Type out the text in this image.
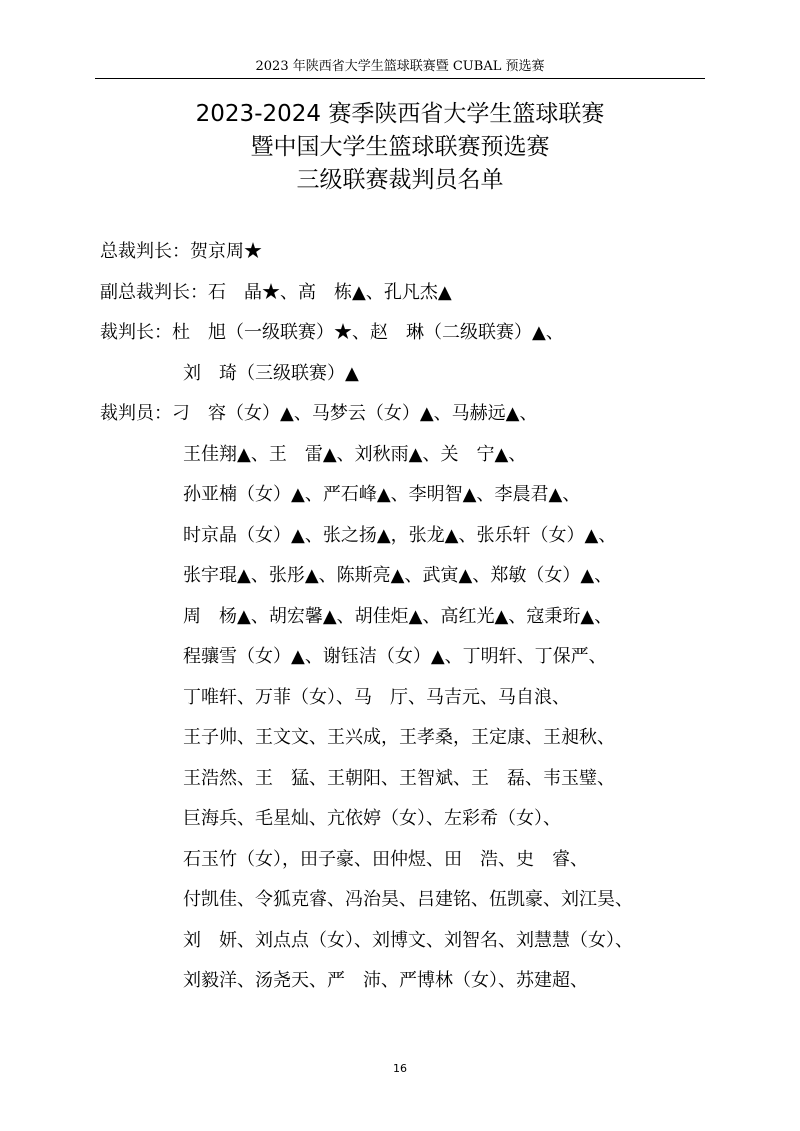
2023 年陕西省大学生篮球联赛暨 CUBAL 预选赛
2023-2024 赛季陕西省大学生篮球联赛
暨中国大学生篮球联赛预选赛
三级联赛裁判员名单
总裁判长： 贺京周★
副总裁判长： 石　晶★、高　栋▲、孔凡杰▲
裁判长： 杜　旭（一级联赛）★、赵　琳（二级联赛）▲、
刘　琦（三级联赛）▲
裁判员： 刁　容（女）▲、马梦云（女）▲、马赫远▲、
王佳翔▲、王　雷▲、刘秋雨▲、关　宁▲、
孙亚楠（女）▲、严石峰▲、李明智▲、李晨君▲、
时京晶（女）▲、张之扬▲，张龙▲、张乐轩（女）▲、
张宇琨▲、张彤▲、陈斯亮▲、武寅▲、郑敏（女）▲、
周　杨▲、胡宏馨▲、胡佳炬▲、高红光▲、寇秉珩▲、
程骧雪（女）▲、谢钰洁（女）▲、丁明轩、丁保严、
丁唯轩、万菲（女）、马　厅、马吉元、马自浪、
王子帅、王文文、王兴成，王孝桑，王定康、王昶秋、
王浩然、王　猛、王朝阳、王智斌、王　磊、韦玉璧、
巨海兵、毛星灿、亢依婷（女）、左彩希（女）、
石玉竹（女），田子豪、田仲煜、田　浩、史　睿、
付凯佳、令狐克睿、冯治昊、吕建铭、伍凯豪、刘江昊、
刘　妍、刘点点（女）、刘博文、刘智名、刘慧慧（女）、
刘毅洋、汤尧天、严　沛、严博林（女）、苏建超、
16
